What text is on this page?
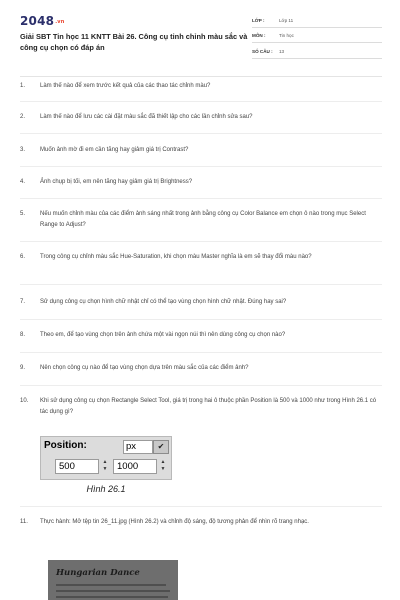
$2048^{.vn}$
Giải SBT Tin học 11 KNTT Bài 26. Công cụ tinh chỉnh màu sắc và công cụ chọn có đáp án
LỚP :	Lớp 11
MÔN :	Tin học
SỐ CÂU :	13
1.	Làm thế nào để xem trước kết quả của các thao tác chỉnh màu?
2.	Làm thế nào để lưu các cài đặt màu sắc đã thiết lập cho các lần chỉnh sửa sau?
3.	Muốn ảnh mờ đi em cần tăng hay giảm giá trị Contrast?
4.	Ảnh chụp bị tối, em nên tăng hay giảm giá trị Brightness?
5.	Nếu muốn chỉnh màu của các điểm ảnh sáng nhất trong ảnh bằng công cụ Color Balance em chọn ô nào trong mục Select Range to Adjust?
6.	Trong công cụ chỉnh màu sắc Hue-Saturation, khi chọn màu Master nghĩa là em sẽ thay đổi màu nào?
7.	Sử dụng công cụ chọn hình chữ nhật chỉ có thể tạo vùng chọn hình chữ nhật. Đúng hay sai?
8.	Theo em, để tạo vùng chọn trên ảnh chứa một vài ngọn núi thì nên dùng công cụ chọn nào?
9.	Nên chọn công cụ nào để tạo vùng chọn dựa trên màu sắc của các điểm ảnh?
10.	Khi sử dụng công cụ chọn Rectangle Select Tool, giá trị trong hai ô thuộc phần Position là 500 và 1000 như trong Hình 26.1 có tác dụng gì?
Position:	px	✔
500	▲
▼	1000	▲
▼
Hình 26.1
11.	Thực hành: Mở tệp tin 26_11.jpg (Hình 26.2) và chỉnh độ sáng, độ tương phản để nhìn rõ trang nhạc.
Hungarian Dance
